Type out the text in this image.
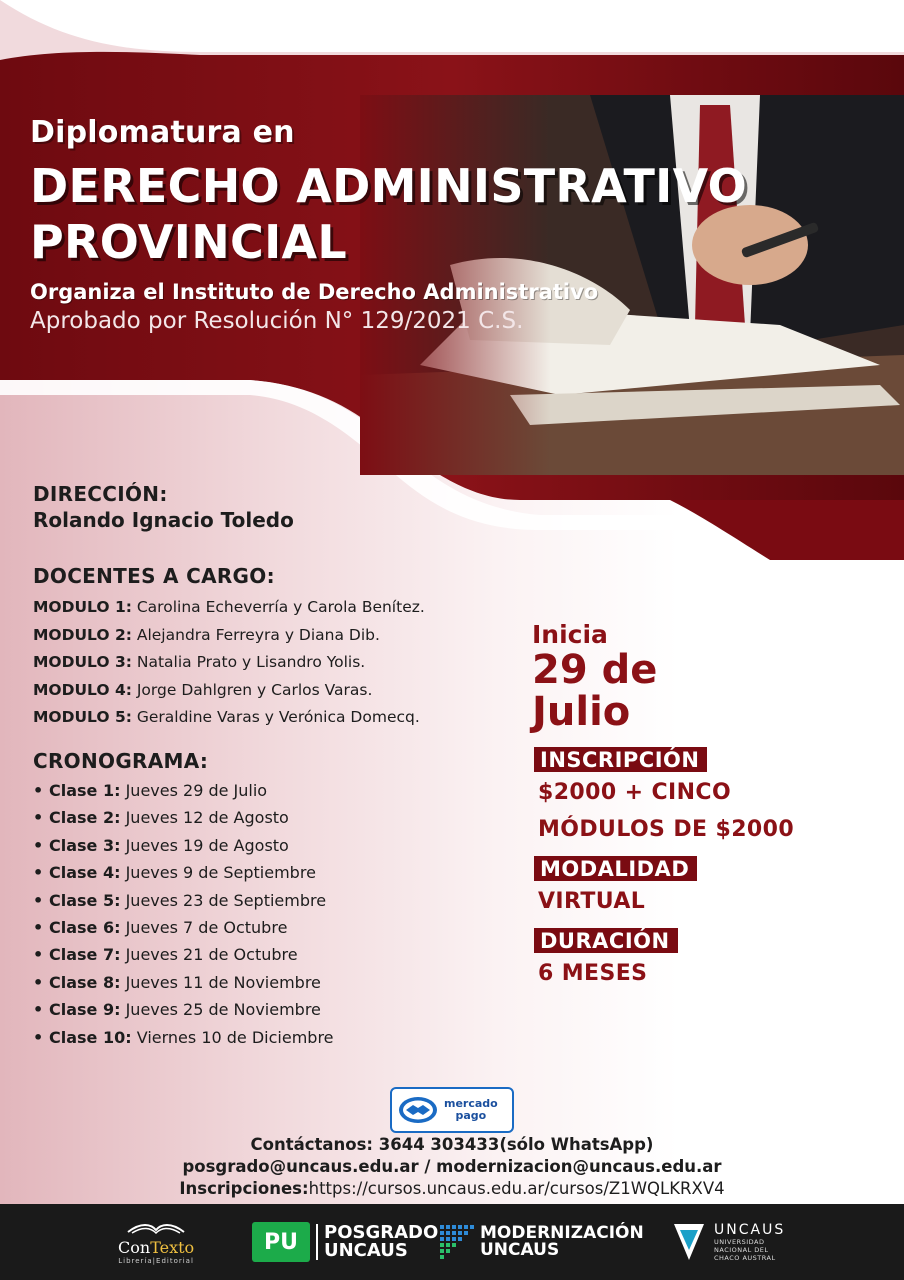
Diplomatura en
DERECHO ADMINISTRATIVO
PROVINCIAL
Organiza el Instituto de Derecho Administrativo
Aprobado por Resolución N° 129/2021 C.S.
DIRECCIÓN:
Rolando Ignacio Toledo
DOCENTES A CARGO:
MODULO 1: Carolina Echeverría y Carola Benítez.
MODULO 2: Alejandra Ferreyra y Diana Dib.
MODULO 3: Natalia Prato y Lisandro Yolis.
MODULO 4: Jorge Dahlgren y Carlos Varas.
MODULO 5: Geraldine Varas y Verónica Domecq.
CRONOGRAMA:
• Clase 1: Jueves 29 de Julio
• Clase 2: Jueves 12 de Agosto
• Clase 3: Jueves 19 de Agosto
• Clase 4: Jueves 9 de Septiembre
• Clase 5: Jueves 23 de Septiembre
• Clase 6: Jueves 7 de Octubre
• Clase 7: Jueves 21 de Octubre
• Clase 8: Jueves 11 de Noviembre
• Clase 9: Jueves 25 de Noviembre
• Clase 10: Viernes 10 de Diciembre
Inicia
29 de
Julio
INSCRIPCIÓN
$2000 + CINCO
MÓDULOS DE $2000
MODALIDAD
VIRTUAL
DURACIÓN
6 MESES
mercado
pago
Contáctanos: 3644 303433(sólo WhatsApp)
posgrado@uncaus.edu.ar / modernizacion@uncaus.edu.ar
Inscripciones:https://cursos.uncaus.edu.ar/cursos/Z1WQLKRXV4
ConTexto
Librería|Editorial
PU	POSGRADO
UNCAUS
MODERNIZACIÓN
UNCAUS
UNCAUS
UNIVERSIDAD
NACIONAL DEL
CHACO AUSTRAL
